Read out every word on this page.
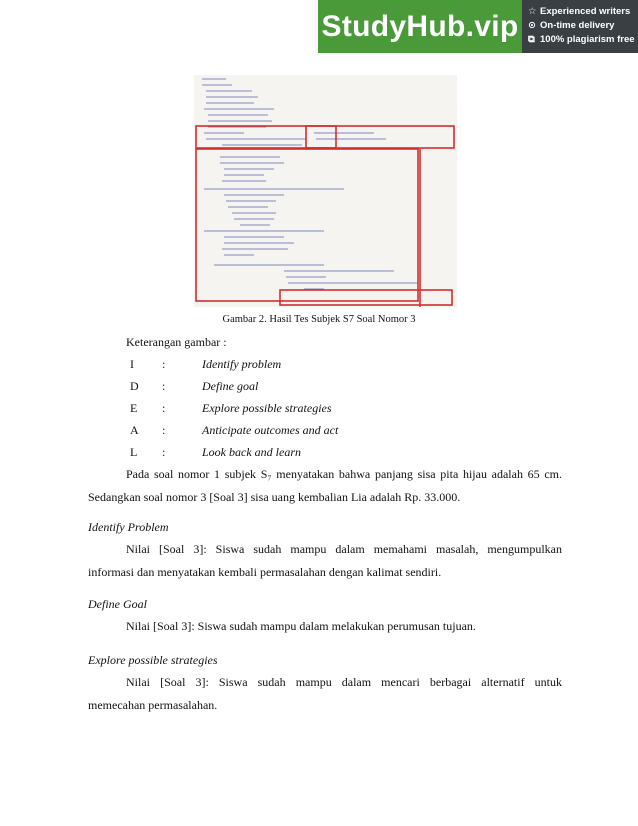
StudyHub.vip	☆ Experienced writers
⊙ On-time delivery
⧉ 100% plagiarism free
Gambar 2. Hasil Tes Subjek S7 Soal Nomor 3
Keterangan gambar :
I :	Identify problem
D :	Define goal
E :	Explore possible strategies
A :	Anticipate outcomes and act
L :	Look back and learn
Pada soal nomor 1 subjek S₇ menyatakan bahwa panjang sisa pita hijau adalah 65 cm.
Sedangkan soal nomor 3 [Soal 3] sisa uang kembalian Lia adalah Rp. 33.000.
Identify Problem
Nilai [Soal 3]: Siswa sudah mampu dalam memahami masalah, mengumpulkan
informasi dan menyatakan kembali permasalahan dengan kalimat sendiri.
Define Goal
Nilai [Soal 3]: Siswa sudah mampu dalam melakukan perumusan tujuan.
Explore possible strategies
Nilai [Soal 3]: Siswa sudah mampu dalam mencari berbagai alternatif untuk
memecahan permasalahan.
